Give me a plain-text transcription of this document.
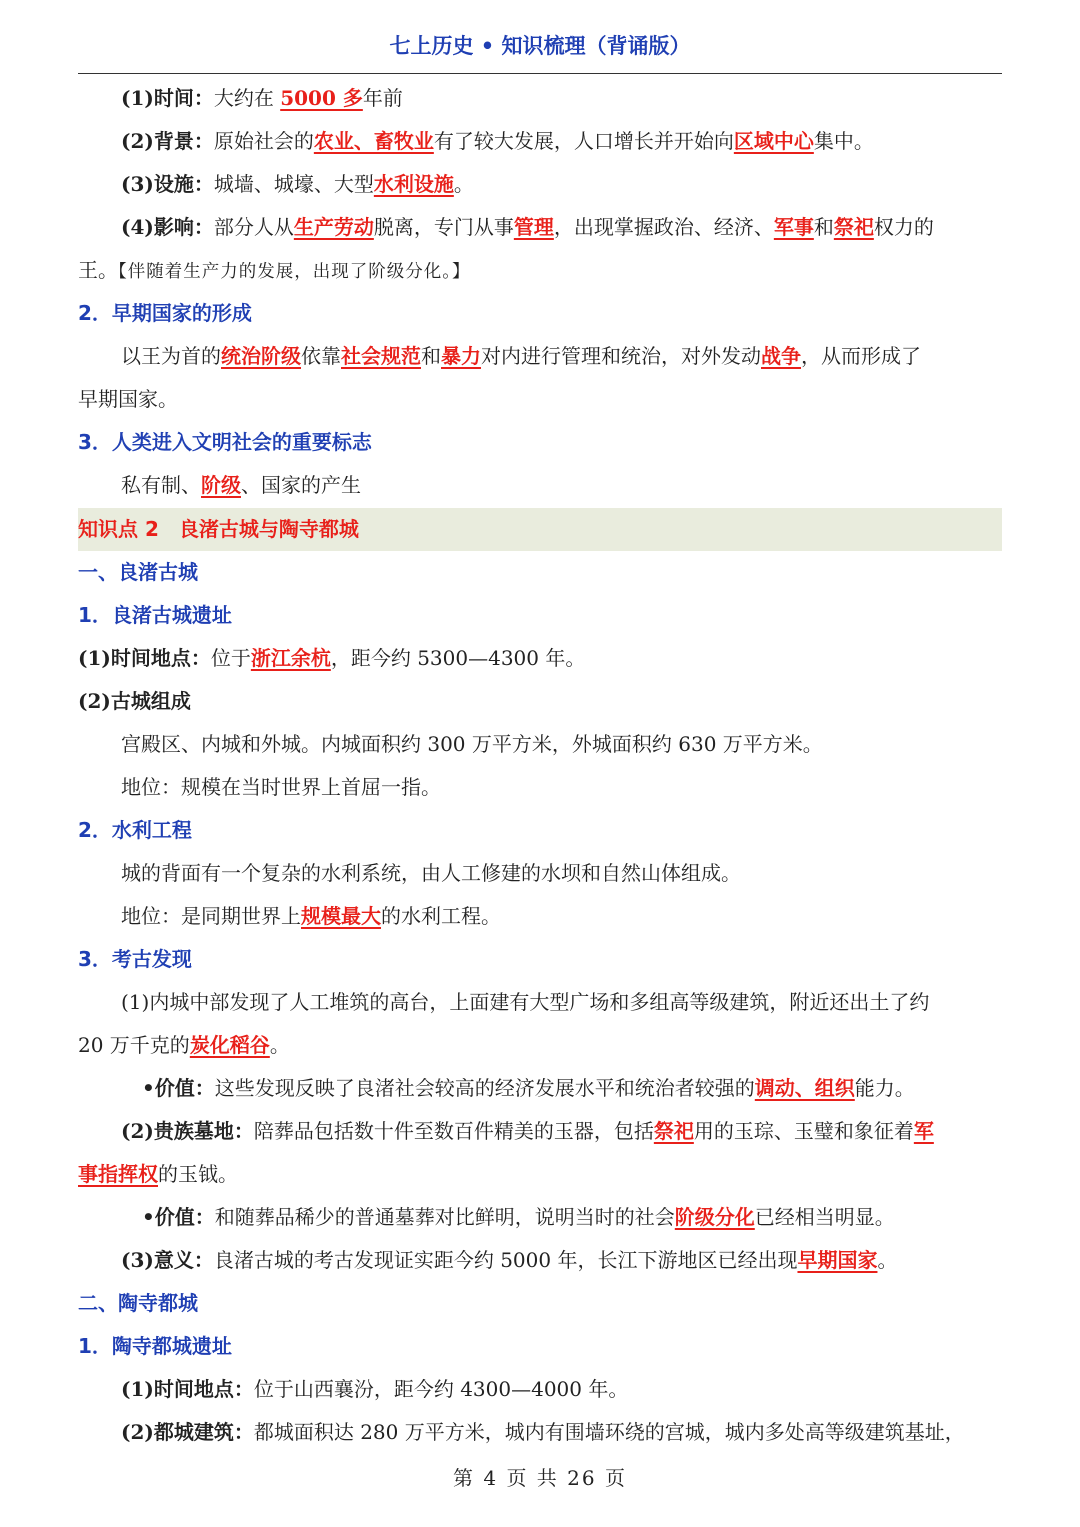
七上历史 • 知识梳理（背诵版）
(1)时间：大约在 5000 多年前
(2)背景：原始社会的农业、畜牧业有了较大发展，人口增长并开始向区域中心集中。
(3)设施：城墙、城壕、大型水利设施。
(4)影响：部分人从生产劳动脱离，专门从事管理，出现掌握政治、经济、军事和祭祀权力的
王。【伴随着生产力的发展，出现了阶级分化。】
2．早期国家的形成
以王为首的统治阶级依靠社会规范和暴力对内进行管理和统治，对外发动战争，从而形成了
早期国家。
3．人类进入文明社会的重要标志
私有制、阶级、国家的产生
知识点 2　良渚古城与陶寺都城
一、良渚古城
1．良渚古城遗址
(1)时间地点：位于浙江余杭，距今约 5300—4300 年。
(2)古城组成
宫殿区、内城和外城。内城面积约 300 万平方米，外城面积约 630 万平方米。
地位：规模在当时世界上首屈一指。
2．水利工程
城的背面有一个复杂的水利系统，由人工修建的水坝和自然山体组成。
地位：是同期世界上规模最大的水利工程。
3．考古发现
(1)内城中部发现了人工堆筑的高台，上面建有大型广场和多组高等级建筑，附近还出土了约
20 万千克的炭化稻谷。
•价值：这些发现反映了良渚社会较高的经济发展水平和统治者较强的调动、组织能力。
(2)贵族墓地：陪葬品包括数十件至数百件精美的玉器，包括祭祀用的玉琮、玉璧和象征着军
事指挥权的玉钺。
•价值：和随葬品稀少的普通墓葬对比鲜明，说明当时的社会阶级分化已经相当明显。
(3)意义：良渚古城的考古发现证实距今约 5000 年，长江下游地区已经出现早期国家。
二、陶寺都城
1．陶寺都城遗址
(1)时间地点：位于山西襄汾，距今约 4300—4000 年。
(2)都城建筑：都城面积达 280 万平方米，城内有围墙环绕的宫城，城内多处高等级建筑基址，
第 4 页 共 26 页
